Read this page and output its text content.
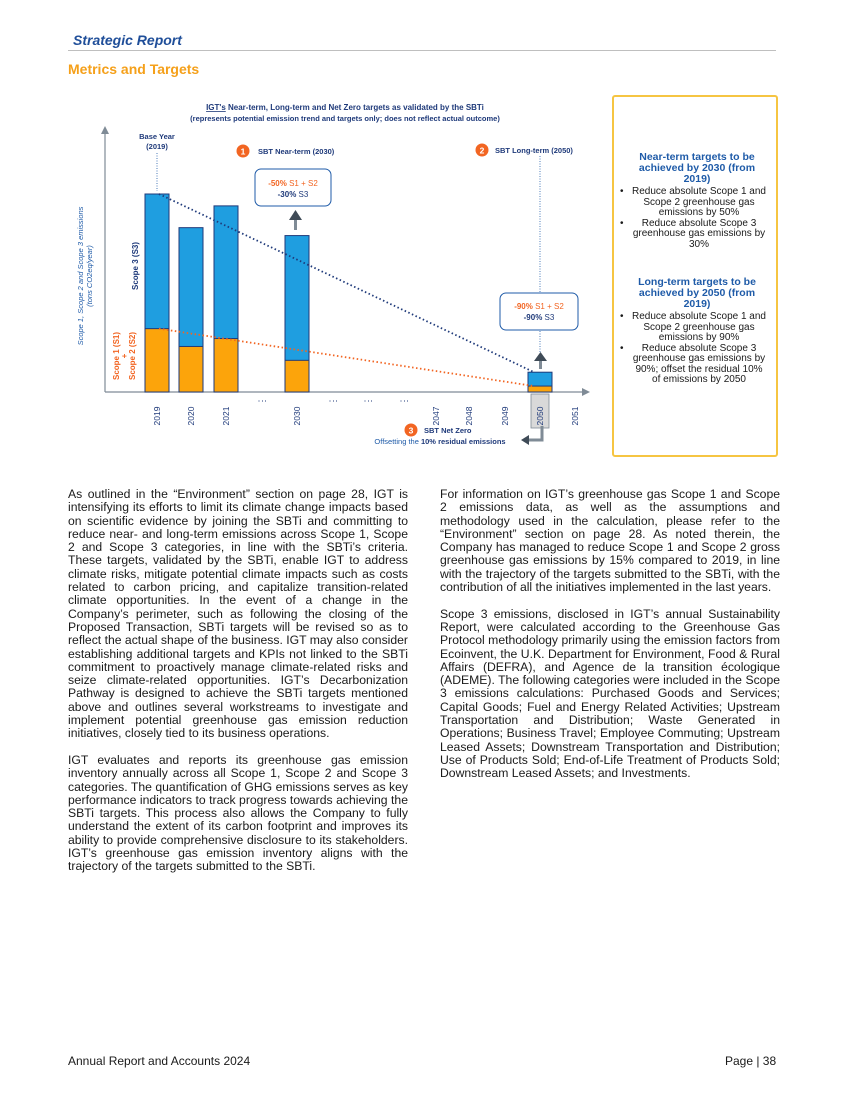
Strategic Report
Metrics and Targets
IGT's Near-term, Long-term and Net Zero targets as validated by the SBTi
(represents potential emission trend and targets only; does not reflect actual outcome)
Scope 1, Scope 2 and Scope 3 emissions (tons CO2eq/year)	Scope 3 (S3)
Scope 1 (S1) + Scope 2 (S2)
Base Year
(2019)
2019	2020	2021
⋮
2030
⋮	⋮	⋮
2047	2048	2049	2050	2051
1 SBT Near-term (2030)
-50% S1 + S2
-30% S3
2 SBT Long-term (2050)
-90% S1 + S2
-90% S3
3 SBT Net Zero
Offsetting the 10% residual emissions
Near-term targets to be achieved by 2030 (from 2019)
• Reduce absolute Scope 1 and Scope 2 greenhouse gas emissions by 50%
• Reduce absolute Scope 3 greenhouse gas emissions by 30%
Long-term targets to be achieved by 2050 (from 2019)
• Reduce absolute Scope 1 and Scope 2 greenhouse gas emissions by 90%
• Reduce absolute Scope 3 greenhouse gas emissions by 90%; offset the residual 10% of emissions by 2050

As outlined in the “Environment” section on page 28, IGT is intensifying its efforts to limit its climate change impacts based on scientific evidence by joining the SBTi and committing to reduce near- and long-term emissions across Scope 1, Scope 2 and Scope 3 categories, in line with the SBTi’s criteria. These targets, validated by the SBTi, enable IGT to address climate risks, mitigate potential climate impacts such as costs related to carbon pricing, and capitalize transition-related climate opportunities. In the event of a change in the Company’s perimeter, such as following the closing of the Proposed Transaction, SBTi targets will be revised so as to reflect the actual shape of the business. IGT may also consider establishing additional targets and KPIs not linked to the SBTi commitment to proactively manage climate-related risks and seize climate-related opportunities. IGT’s Decarbonization Pathway is designed to achieve the SBTi targets mentioned above and outlines several workstreams to investigate and implement potential greenhouse gas emission reduction initiatives, closely tied to its business operations.

IGT evaluates and reports its greenhouse gas emission inventory annually across all Scope 1, Scope 2 and Scope 3 categories. The quantification of GHG emissions serves as key performance indicators to track progress towards achieving the SBTi targets. This process also allows the Company to fully understand the extent of its carbon footprint and improves its ability to provide comprehensive disclosure to its stakeholders. IGT’s greenhouse gas emission inventory aligns with the trajectory of the targets submitted to the SBTi.

For information on IGT’s greenhouse gas Scope 1 and Scope 2 emissions data, as well as the assumptions and methodology used in the calculation, please refer to the “Environment” section on page 28. As noted therein, the Company has managed to reduce Scope 1 and Scope 2 gross greenhouse gas emissions by 15% compared to 2019, in line with the trajectory of the targets submitted to the SBTi, with the contribution of all the initiatives implemented in the last years.

Scope 3 emissions, disclosed in IGT’s annual Sustainability Report, were calculated according to the Greenhouse Gas Protocol methodology primarily using the emission factors from Ecoinvent, the U.K. Department for Environment, Food & Rural Affairs (DEFRA), and Agence de la transition écologique (ADEME). The following categories were included in the Scope 3 emissions calculations: Purchased Goods and Services; Capital Goods; Fuel and Energy Related Activities; Upstream Transportation and Distribution; Waste Generated in Operations; Business Travel; Employee Commuting; Upstream Leased Assets; Downstream Transportation and Distribution; Use of Products Sold; End-of-Life Treatment of Products Sold; Downstream Leased Assets; and Investments.

Annual Report and Accounts 2024	Page | 38
